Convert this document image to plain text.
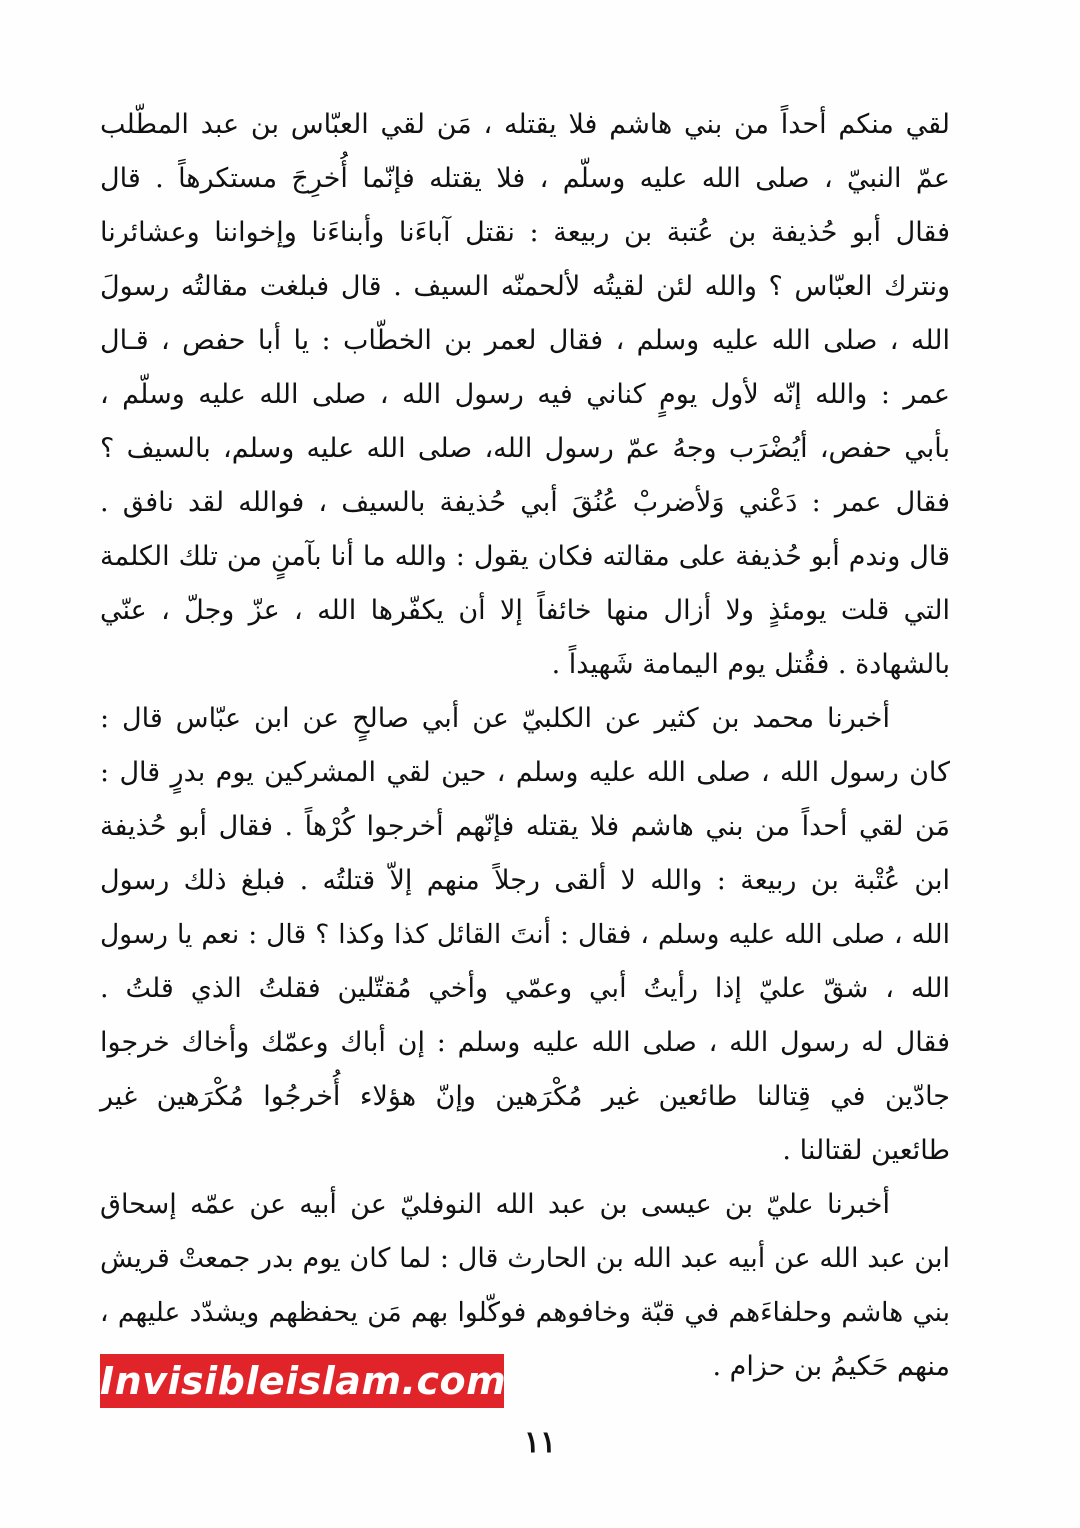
لقي منكم أحداً من بني هاشم فلا يقتله ، مَن لقي العبّاس بن عبد المطّلب
عمّ النبيّ ، صلى الله عليه وسلّم ، فلا يقتله فإنّما أُخرِجَ مستكرهاً . قال
فقال أبو حُذيفة بن عُتبة بن ربيعة : نقتل آباءَنا وأبناءَنا وإخواننا وعشائرنا
ونترك العبّاس ؟ والله لئن لقيتُه لألحمنّه السيف . قال فبلغت مقالتُه رسولَ
الله ، صلى الله عليه وسلم ، فقال لعمر بن الخطّاب : يا أبا حفص ، قـال
عمر : والله إنّه لأول يومٍ كناني فيه رسول الله ، صلى الله عليه وسلّم ،
بأبي حفص، أيُضْرَب وجهُ عمّ رسول الله، صلى الله عليه وسلم، بالسيف ؟
فقال عمر : دَعْني وَلأضربْ عُنُقَ أبي حُذيفة بالسيف ، فوالله لقد نافق .
قال وندم أبو حُذيفة على مقالته فكان يقول : والله ما أنا بآمنٍ من تلك الكلمة
التي قلت يومئذٍ ولا أزال منها خائفاً إلا أن يكفّرها الله ، عزّ وجلّ ، عنّي
بالشهادة . فقُتل يوم اليمامة شَهيداً .
أخبرنا محمد بن كثير عن الكلبيّ عن أبي صالحٍ عن ابن عبّاس قال :
كان رسول الله ، صلى الله عليه وسلم ، حين لقي المشركين يوم بدرٍ قال :
مَن لقي أحداً من بني هاشم فلا يقتله فإنّهم أخرجوا كُرْهاً . فقال أبو حُذيفة
ابن عُتْبة بن ربيعة : والله لا ألقى رجلاً منهم إلاّ قتلتُه . فبلغ ذلك رسول
الله ، صلى الله عليه وسلم ، فقال : أنتَ القائل كذا وكذا ؟ قال : نعم يا رسول
الله ، شقّ عليّ إذا رأيتُ أبي وعمّي وأخي مُقتّلين فقلتُ الذي قلتُ .
فقال له رسول الله ، صلى الله عليه وسلم : إن أباك وعمّك وأخاك خرجوا
جادّين في قِتالنا طائعين غير مُكْرَهين وإنّ هؤلاء أُخرجُوا مُكْرَهين غير
طائعين لقتالنا .
أخبرنا عليّ بن عيسى بن عبد الله النوفليّ عن أبيه عن عمّه إسحاق
ابن عبد الله عن أبيه عبد الله بن الحارث قال : لما كان يوم بدر جمعتْ قريش
بني هاشم وحلفاءَهم في قبّة وخافوهم فوكّلوا بهم مَن يحفظهم ويشدّد عليهم ،
منهم حَكيمُ بن حزام .
Invisibleislam.com
١١
